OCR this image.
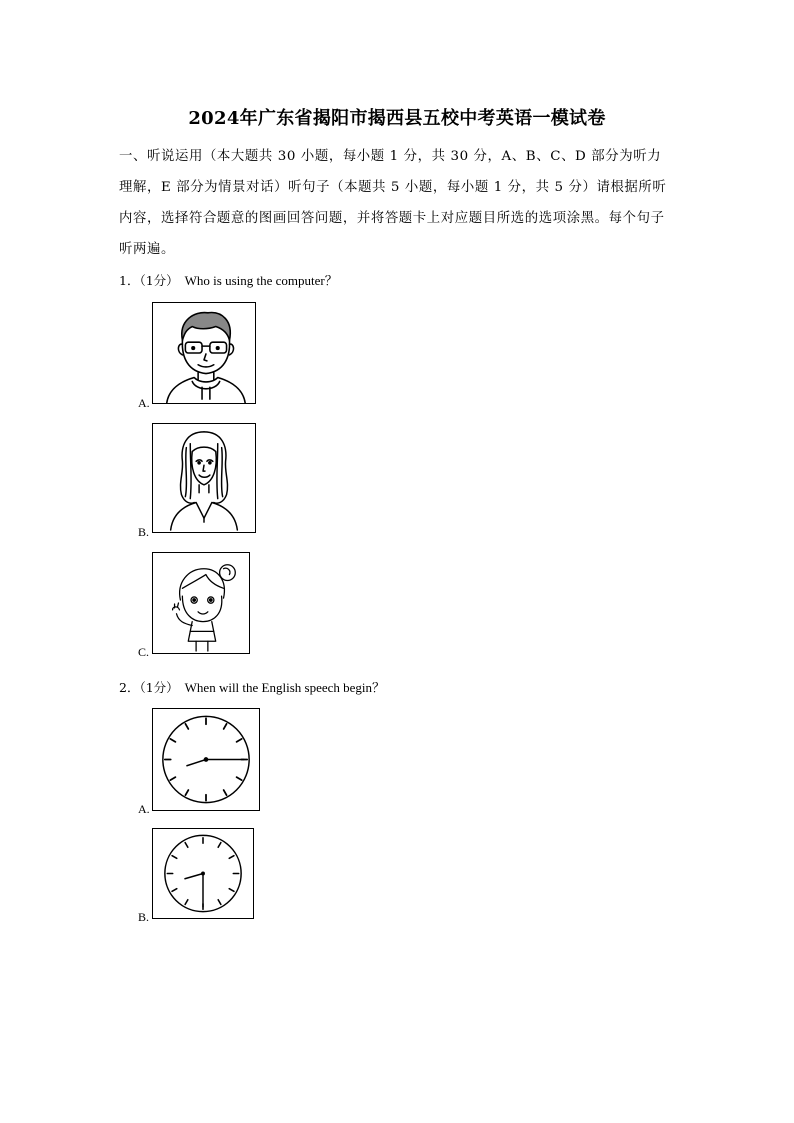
2024年广东省揭阳市揭西县五校中考英语一模试卷
一、听说运用（本大题共 30 小题，每小题 1 分，共 30 分，A、B、C、D 部分为听力
理解，E 部分为情景对话）听句子（本题共 5 小题，每小题 1 分，共 5 分）请根据所听
内容，选择符合题意的图画回答问题，并将答题卡上对应题目所选的选项涂黑。每个句子
听两遍。
1．（1分） Who is using the computer？
A.
B.
C.
2．（1分） When will the English speech begin？
A.
B.
